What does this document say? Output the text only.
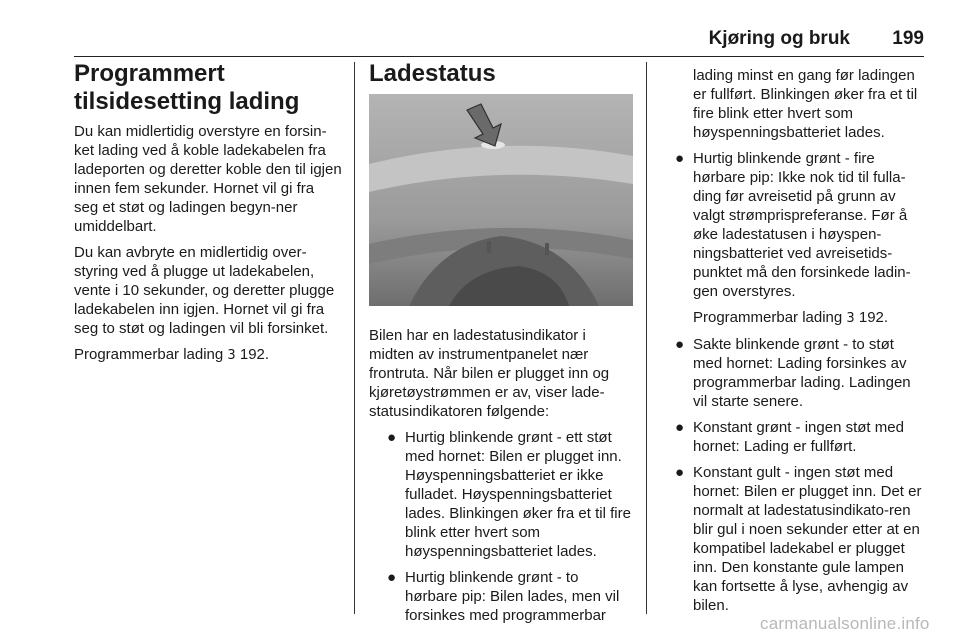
Kjøring og bruk 199
Programmert tilsidesetting lading

Du kan midlertidig overstyre en forsin-ket lading ved å koble ladekabelen fra ladeporten og deretter koble den til igjen innen fem sekunder. Hornet vil gi fra seg et støt og ladingen begyn-ner umiddelbart.

Du kan avbryte en midlertidig over-styring ved å plugge ut ladekabelen, vente i 10 sekunder, og deretter plugge ladekabelen inn igjen. Hornet vil gi fra seg to støt og ladingen vil bli forsinket.

Programmerbar lading 3 192.

Ladestatus

Bilen har en ladestatusindikator i midten av instrumentpanelet nær frontruta. Når bilen er plugget inn og kjøretøystrømmen er av, viser lade-statusindikatoren følgende:

● Hurtig blinkende grønt - ett støt med hornet: Bilen er plugget inn. Høyspenningsbatteriet er ikke fulladet. Høyspenningsbatteriet lades. Blinkingen øker fra et til fire blink etter hvert som høyspenningsbatteriet lades.
● Hurtig blinkende grønt - to hørbare pip: Bilen lades, men vil forsinkes med programmerbar

lading minst en gang før ladingen er fullført. Blinkingen øker fra et til fire blink etter hvert som høyspenningsbatteriet lades.

● Hurtig blinkende grønt - fire hørbare pip: Ikke nok tid til fulla-ding før avreisetid på grunn av valgt strømprispreferanse. Før å øke ladestatusen i høyspen-ningsbatteriet ved avreisetids-punktet må den forsinkede ladin-gen overstyres.

Programmerbar lading 3 192.

● Sakte blinkende grønt - to støt med hornet: Lading forsinkes av programmerbar lading. Ladingen vil starte senere.
● Konstant grønt - ingen støt med hornet: Lading er fullført.
● Konstant gult - ingen støt med hornet: Bilen er plugget inn. Det er normalt at ladestatusindikato-ren blir gul i noen sekunder etter at en kompatibel ladekabel er plugget inn. Den konstante gule lampen kan fortsette å lyse, avhengig av bilen.
carmanualsonline.info
